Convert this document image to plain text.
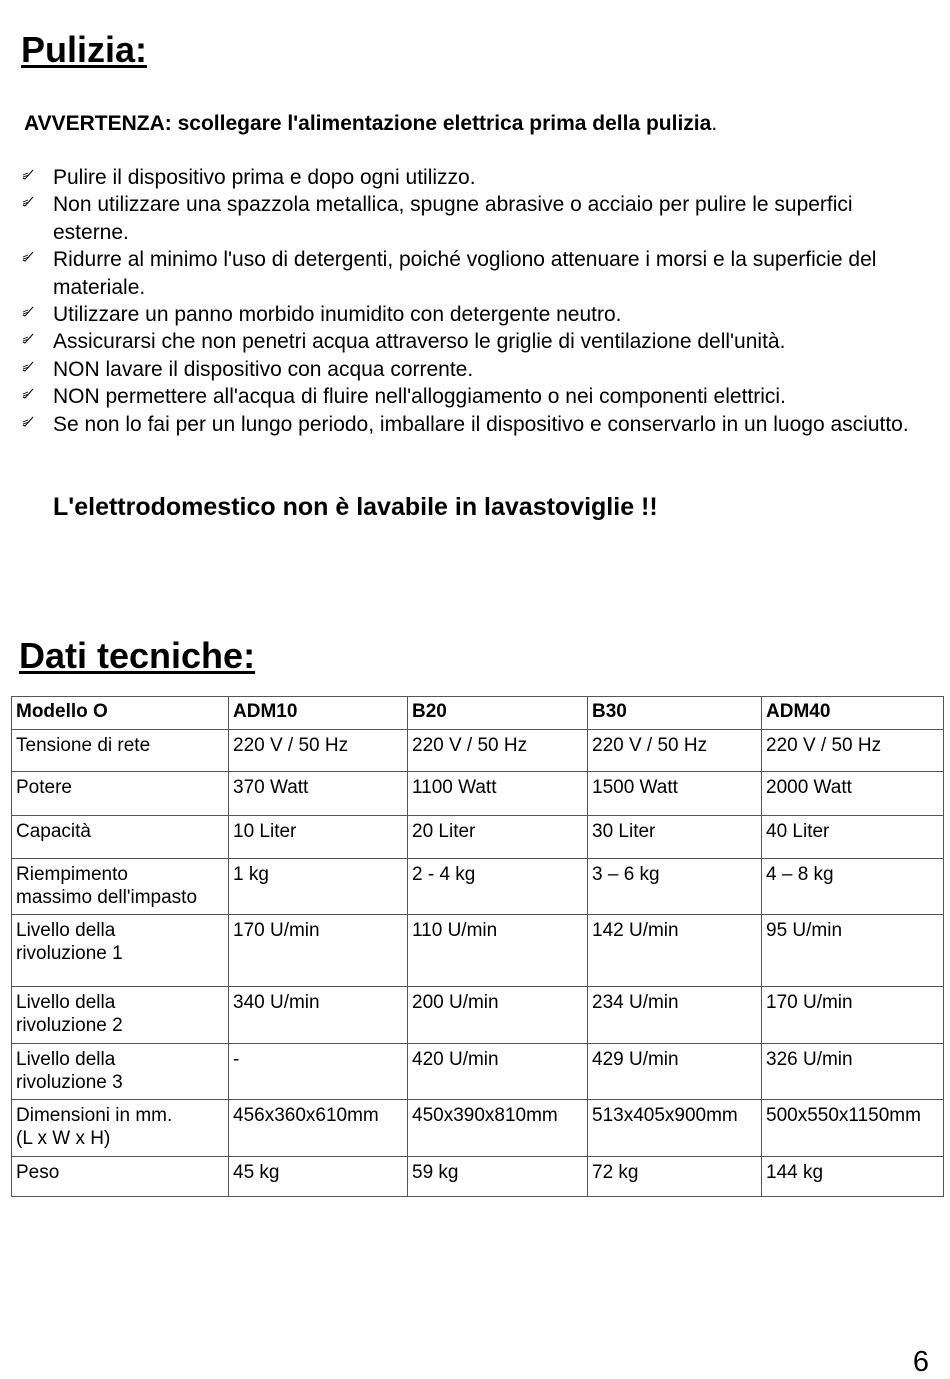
Pulizia:

AVVERTENZA: scollegare l'alimentazione elettrica prima della pulizia.

Pulire il dispositivo prima e dopo ogni utilizzo.
Non utilizzare una spazzola metallica, spugne abrasive o acciaio per pulire le superfici esterne.
Ridurre al minimo l'uso di detergenti, poiché vogliono attenuare i morsi e la superficie del materiale.
Utilizzare un panno morbido inumidito con detergente neutro.
Assicurarsi che non penetri acqua attraverso le griglie di ventilazione dell'unità.
NON lavare il dispositivo con acqua corrente.
NON permettere all'acqua di fluire nell'alloggiamento o nei componenti elettrici.
Se non lo fai per un lungo periodo, imballare il dispositivo e conservarlo in un luogo asciutto.

L'elettrodomestico non è lavabile in lavastoviglie !!

Dati tecniche:
Modello O	ADM10	B20	B30	ADM40
Tensione di rete	220 V / 50 Hz	220 V / 50 Hz	220 V / 50 Hz	220 V / 50 Hz
Potere	370 Watt	1100 Watt	1500 Watt	2000 Watt
Capacità	10 Liter	20 Liter	30 Liter	40 Liter
Riempimento
massimo dell'impasto	1 kg	2 - 4 kg	3 – 6 kg	4 – 8 kg
Livello della
rivoluzione 1	170 U/min	110 U/min	142 U/min	95 U/min
Livello della
rivoluzione 2	340 U/min	200 U/min	234 U/min	170 U/min
Livello della
rivoluzione 3	-	420 U/min	429 U/min	326 U/min
Dimensioni in mm.
(L x W x H)	456x360x610mm	450x390x810mm	513x405x900mm	500x550x1150mm
Peso	45 kg	59 kg	72 kg	144 kg
6
